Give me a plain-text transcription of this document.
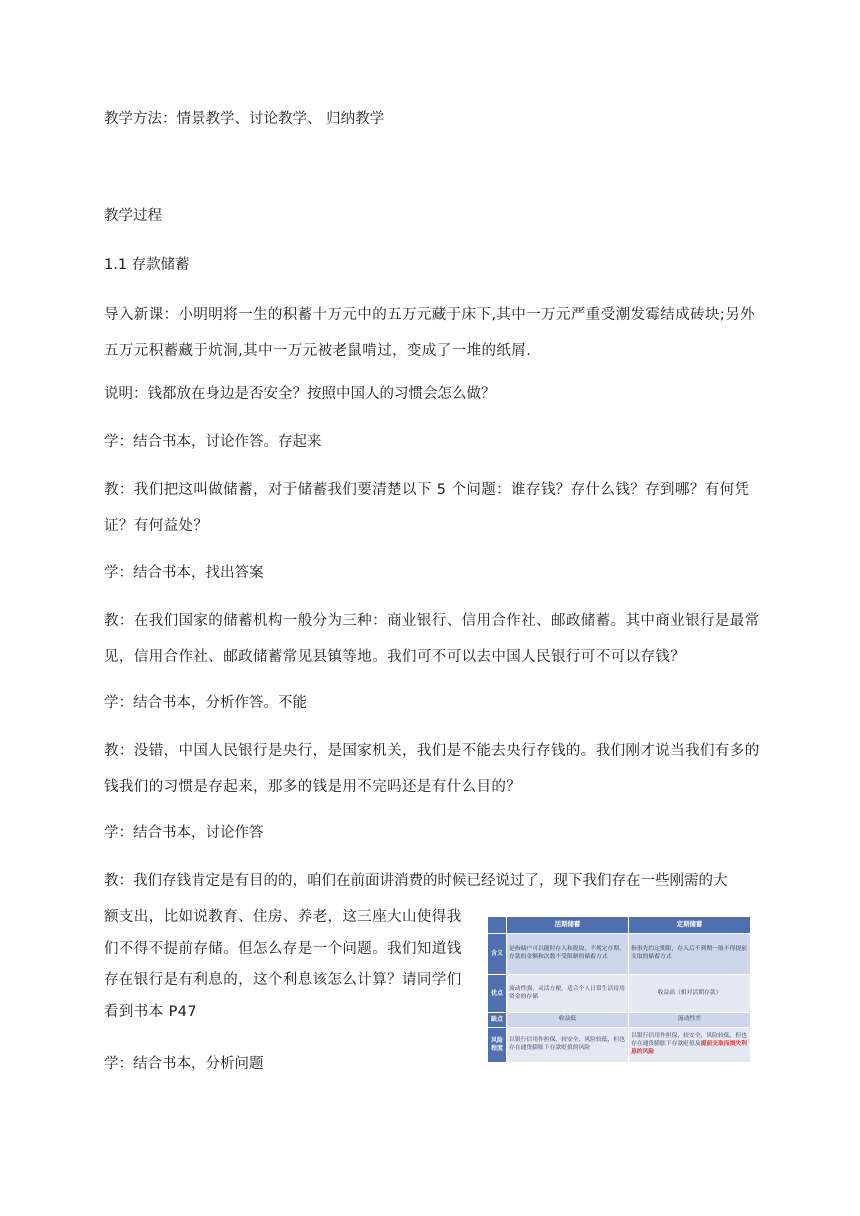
教学方法：情景教学、讨论教学、 归纳教学
教学过程
1.1 存款储蓄
导入新课：小明明将一生的积蓄十万元中的五万元藏于床下,其中一万元严重受潮发霉结成砖块;另外五万元积蓄藏于炕洞,其中一万元被老鼠啃过，变成了一堆的纸屑.
说明：钱都放在身边是否安全？按照中国人的习惯会怎么做？
学：结合书本，讨论作答。存起来
教：我们把这叫做储蓄，对于储蓄我们要清楚以下 5 个问题：谁存钱？存什么钱？存到哪？有何凭证？有何益处？
学：结合书本，找出答案
教：在我们国家的储蓄机构一般分为三种：商业银行、信用合作社、邮政储蓄。其中商业银行是最常见，信用合作社、邮政储蓄常见县镇等地。我们可不可以去中国人民银行可不可以存钱？
学：结合书本，分析作答。不能
教：没错，中国人民银行是央行，是国家机关，我们是不能去央行存钱的。我们刚才说当我们有多的钱我们的习惯是存起来，那多的钱是用不完吗还是有什么目的？
学：结合书本，讨论作答
教：我们存钱肯定是有目的的，咱们在前面讲消费的时候已经说过了，现下我们存在一些刚需的大
额支出，比如说教育、住房、养老，这三座大山使得我们不得不提前存储。但怎么存是一个问题。我们知道钱存在银行是有利息的，这个利息该怎么计算？请同学们看到书本 P47
学：结合书本，分析问题
	活期储蓄	定期储蓄
含义	是指储户可以随时存入和提取、不规定存期、存款的金额和次数不受限制的储蓄方式	指事先约定期限，存入后不到期一般不得提前支取的储蓄方式
优点	流动性强，灵活方便，适合个人日常生活待用资金的存储	收益高（相对活期存款）
缺点	收益低	流动性差
风险程度	以银行信用作担保，较安全，风险较低，但也存在通货膨胀下存款贬值的风险	以银行信用作担保，较安全，风险较低，但也存在通货膨胀下存款贬值及提前支取而损失利息的风险
